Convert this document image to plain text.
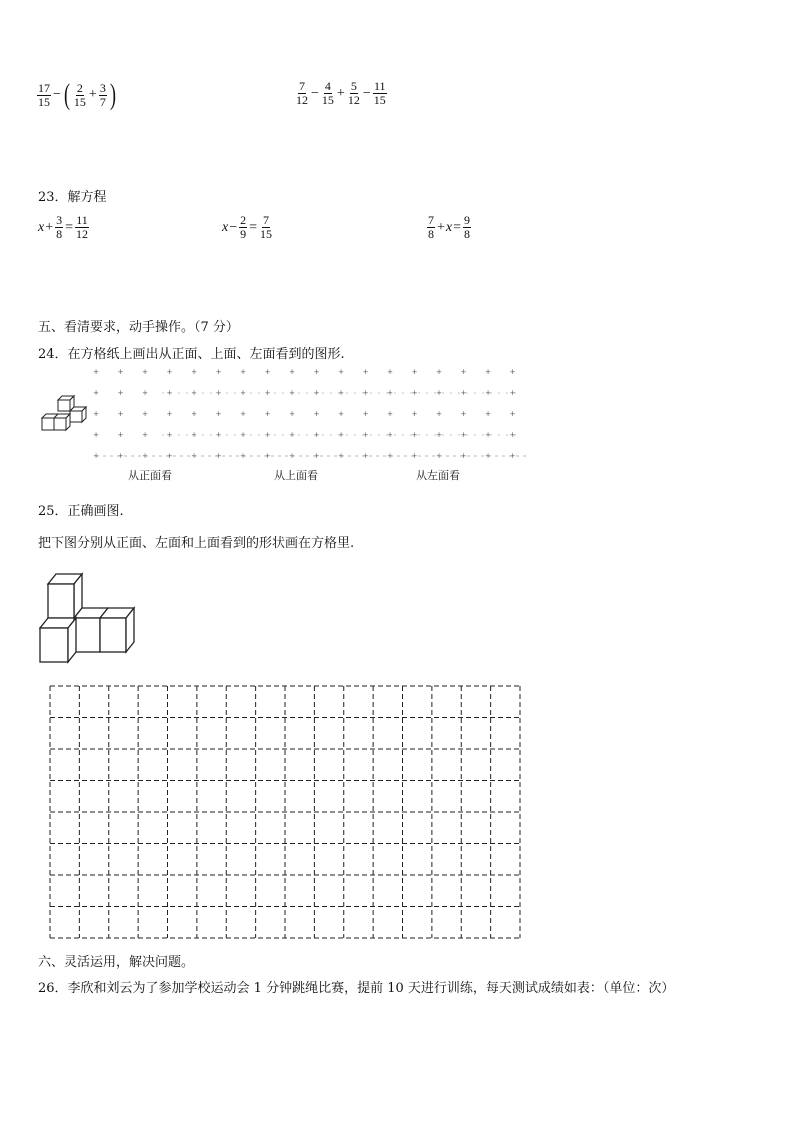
$\frac{17}{15}$ − ( $\frac{2}{15} + \frac{3}{7}$ )	$\frac{7}{12} - \frac{4}{15} + \frac{5}{12} - \frac{11}{15}$
23．解方程
$x + \frac{3}{8} = \frac{11}{12}$	$x - \frac{2}{9} = \frac{7}{15}$	$\frac{7}{8} + x = \frac{9}{8}$
五、看清要求，动手操作。（7 分）
24．在方格纸上画出从正面、上面、左面看到的图形.
+	+	+	+	+	+	+	+	+	+	+	+	+	+	+	+	+	+
+	+	+	+	+	+	+	+	+	+	+	+	+	+	+	+	+	+
+	+	+	+	+	+	+	+	+	+	+	+	+	+	+	+	+	+
+	+	+	+	+	+	+	+	+	+	+	+	+	+	+	+	+	+
+	+	+	+	+	+	+	+	+	+	+	+	+	+	+	+	+	+
从正面看	从上面看	从左面看
25．正确画图.
把下图分别从正面、左面和上面看到的形状画在方格里.
六、灵活运用，解决问题。
26．李欣和刘云为了参加学校运动会 1 分钟跳绳比赛，提前 10 天进行训练，每天测试成绩如表：（单位：次）
